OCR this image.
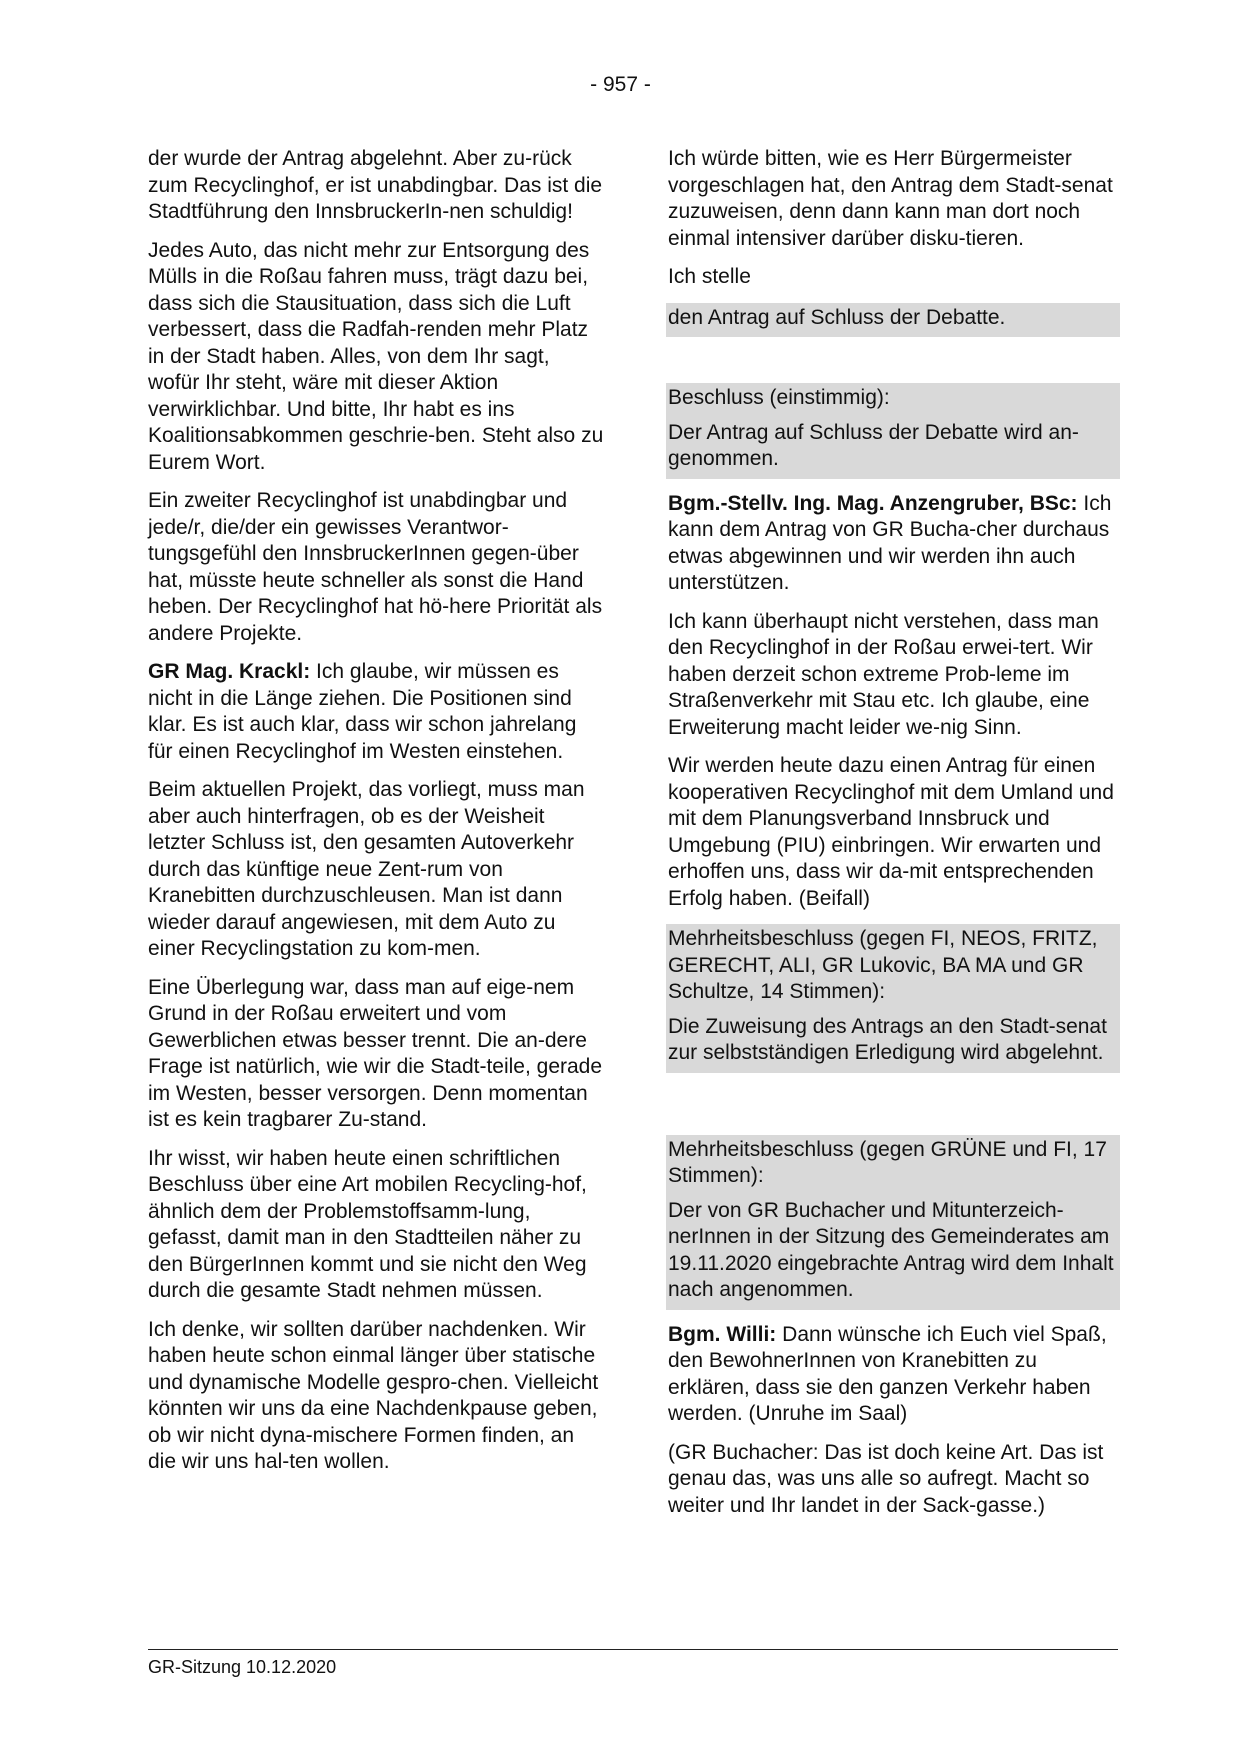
- 957 -

der wurde der Antrag abgelehnt. Aber zu-rück zum Recyclinghof, er ist unabdingbar. Das ist die Stadtführung den InnsbruckerIn-nen schuldig!

Jedes Auto, das nicht mehr zur Entsorgung des Mülls in die Roßau fahren muss, trägt dazu bei, dass sich die Stausituation, dass sich die Luft verbessert, dass die Radfah-renden mehr Platz in der Stadt haben. Alles, von dem Ihr sagt, wofür Ihr steht, wäre mit dieser Aktion verwirklichbar. Und bitte, Ihr habt es ins Koalitionsabkommen geschrie-ben. Steht also zu Eurem Wort.

Ein zweiter Recyclinghof ist unabdingbar und jede/r, die/der ein gewisses Verantwor-tungsgefühl den InnsbruckerInnen gegen-über hat, müsste heute schneller als sonst die Hand heben. Der Recyclinghof hat hö-here Priorität als andere Projekte.

GR Mag. Krackl: Ich glaube, wir müssen es nicht in die Länge ziehen. Die Positionen sind klar. Es ist auch klar, dass wir schon jahrelang für einen Recyclinghof im Westen einstehen.

Beim aktuellen Projekt, das vorliegt, muss man aber auch hinterfragen, ob es der Weisheit letzter Schluss ist, den gesamten Autoverkehr durch das künftige neue Zent-rum von Kranebitten durchzuschleusen. Man ist dann wieder darauf angewiesen, mit dem Auto zu einer Recyclingstation zu kom-men.

Eine Überlegung war, dass man auf eige-nem Grund in der Roßau erweitert und vom Gewerblichen etwas besser trennt. Die an-dere Frage ist natürlich, wie wir die Stadt-teile, gerade im Westen, besser versorgen. Denn momentan ist es kein tragbarer Zu-stand.

Ihr wisst, wir haben heute einen schriftlichen Beschluss über eine Art mobilen Recycling-hof, ähnlich dem der Problemstoffsamm-lung, gefasst, damit man in den Stadtteilen näher zu den BürgerInnen kommt und sie nicht den Weg durch die gesamte Stadt nehmen müssen.

Ich denke, wir sollten darüber nachdenken. Wir haben heute schon einmal länger über statische und dynamische Modelle gespro-chen. Vielleicht könnten wir uns da eine Nachdenkpause geben, ob wir nicht dyna-mischere Formen finden, an die wir uns hal-ten wollen.

Ich würde bitten, wie es Herr Bürgermeister vorgeschlagen hat, den Antrag dem Stadt-senat zuzuweisen, denn dann kann man dort noch einmal intensiver darüber disku-tieren.

Ich stelle

den Antrag auf Schluss der Debatte.

Beschluss (einstimmig):

Der Antrag auf Schluss der Debatte wird an-genommen.

Bgm.-Stellv. Ing. Mag. Anzengruber, BSc: Ich kann dem Antrag von GR Bucha-cher durchaus etwas abgewinnen und wir werden ihn auch unterstützen.

Ich kann überhaupt nicht verstehen, dass man den Recyclinghof in der Roßau erwei-tert. Wir haben derzeit schon extreme Prob-leme im Straßenverkehr mit Stau etc. Ich glaube, eine Erweiterung macht leider we-nig Sinn.

Wir werden heute dazu einen Antrag für einen kooperativen Recyclinghof mit dem Umland und mit dem Planungsverband Innsbruck und Umgebung (PIU) einbringen. Wir erwarten und erhoffen uns, dass wir da-mit entsprechenden Erfolg haben. (Beifall)

Mehrheitsbeschluss (gegen FI, NEOS, FRITZ, GERECHT, ALI, GR Lukovic, BA MA und GR Schultze, 14 Stimmen):

Die Zuweisung des Antrags an den Stadt-senat zur selbstständigen Erledigung wird abgelehnt.

Mehrheitsbeschluss (gegen GRÜNE und FI, 17 Stimmen):

Der von GR Buchacher und Mitunterzeich-nerInnen in der Sitzung des Gemeinderates am 19.11.2020 eingebrachte Antrag wird dem Inhalt nach angenommen.

Bgm. Willi: Dann wünsche ich Euch viel Spaß, den BewohnerInnen von Kranebitten zu erklären, dass sie den ganzen Verkehr haben werden. (Unruhe im Saal)

(GR Buchacher: Das ist doch keine Art. Das ist genau das, was uns alle so aufregt. Macht so weiter und Ihr landet in der Sack-gasse.)

GR-Sitzung 10.12.2020
